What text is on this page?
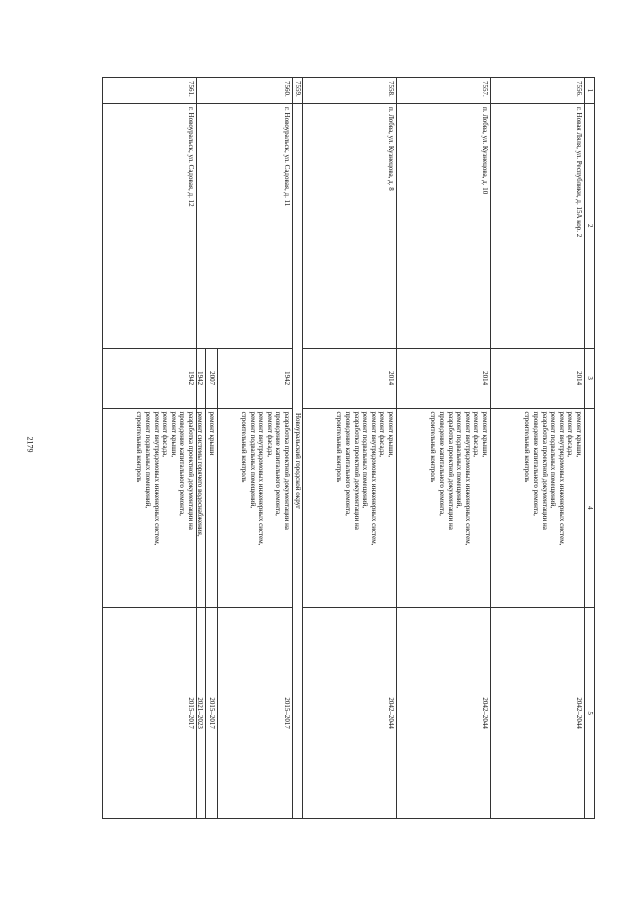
2179
1
2
3
4
5
7556.
г. Новая Ляля, ул. Республики, д. 15А кор. 2
2014
ремонт крыши,
ремонт фасада,
ремонт внутридомовых инженерных систем,
ремонт подвальных помещений,
разработка проектной документации на
проведение капитального ремонта,
строительный контроль
2042–2044
7557.
п. Лобва, ул. Кузнецова, д. 10
2014
ремонт крыши,
ремонт фасада,
ремонт внутридомовых инженерных систем,
ремонт подвальных помещений,
разработка проектной документации на
проведение капитального ремонта,
строительный контроль
2042–2044
7558.
п. Лобва, ул. Кузнецова, д. 8
2014
ремонт крыши,
ремонт фасада,
ремонт внутридомовых инженерных систем,
ремонт подвальных помещений,
разработка проектной документации на
проведение капитального ремонта,
строительный контроль
2042–2044
7559.
Новоуральский городской округ
7560.
г. Новоуральск, ул. Садовая, д. 11
1942
2007
1942
разработка проектной документации на
проведение капитального ремонта,
ремонт фасада,
ремонт внутридомовых инженерных систем,
ремонт подвальных помещений,
строительный контроль
ремонт крыши
ремонт системы горячего водоснабжения,
2015–2017
2015–2017
2021–2023
7561.
г. Новоуральск, ул. Садовая, д. 12
1942
разработка проектной документации на
проведение капитального ремонта,
ремонт крыши,
ремонт фасада,
ремонт внутридомовых инженерных систем,
ремонт подвальных помещений,
строительный контроль
2015–2017
